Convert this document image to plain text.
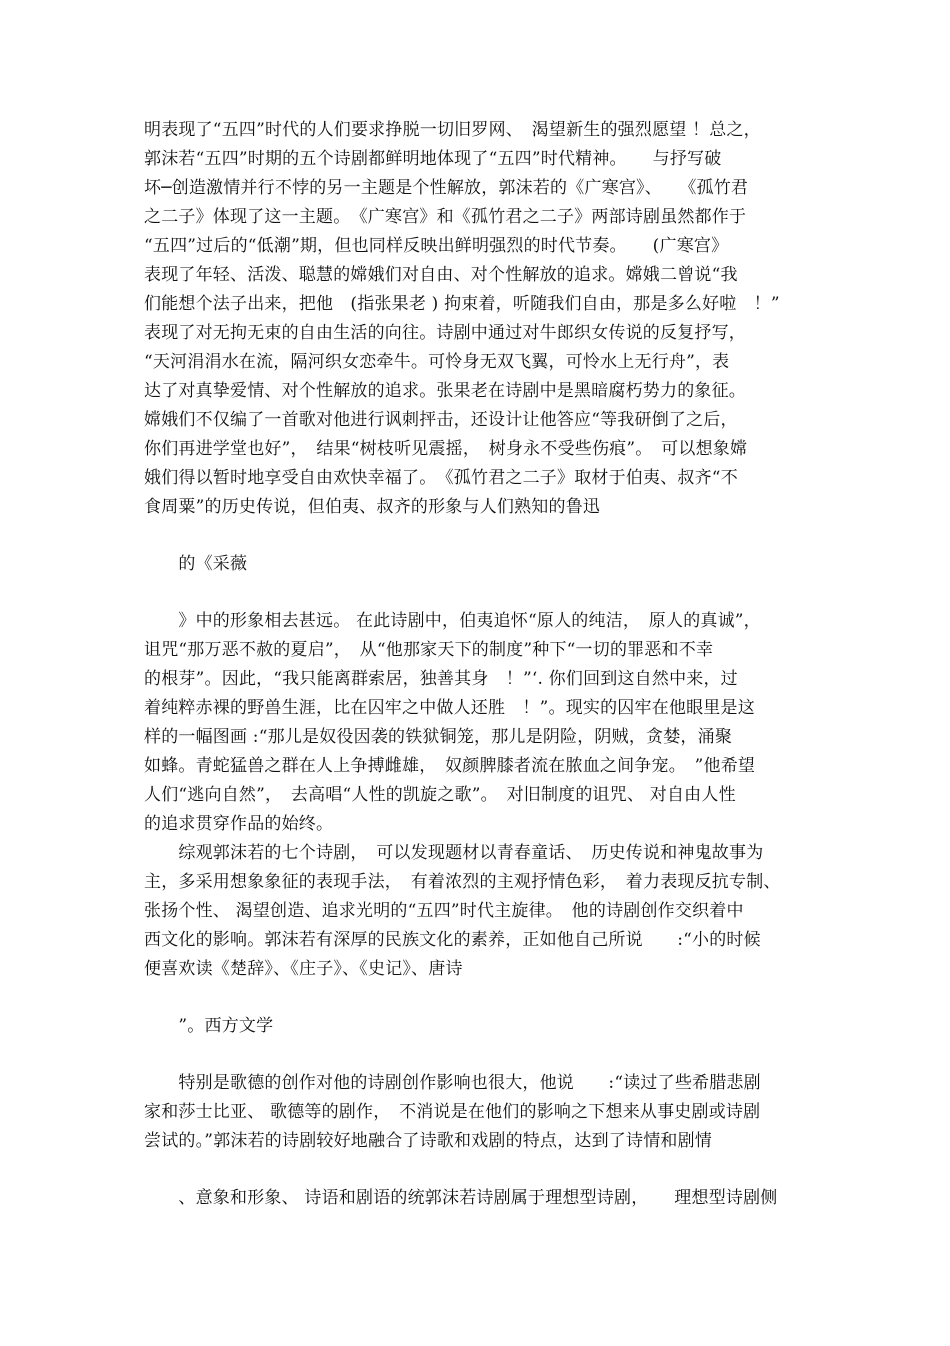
明表现了“五四”时代的人们要求挣脱一切旧罗网、　渴望新生的强烈愿望 ！总之，
郭沫若“五四”时期的五个诗剧都鲜明地体现了“五四”时代精神。　　与抒写破
坏─创造激情并行不悖的另一主题是个性解放，郭沫若的《广寒宫》、　　《孤竹君
之二子》体现了这一主题。　《广寒宫》和《孤竹君之二子》两部诗剧虽然都作于
“五四”过后的“低潮”期，但也同样反映出鲜明强烈的时代节奏。　　(广寒宫》
表现了年轻、活泼、聪慧的嫦娥们对自由、对个性解放的追求。嫦娥二曾说“我
们能想个法子出来，把他　(指张果老 ) 拘束着，听随我们自由，那是多么好啦　！”
表现了对无拘无束的自由生活的向往。诗剧中通过对牛郎织女传说的反复抒写，
“天河涓涓水在流，隔河织女恋牵牛。可怜身无双飞翼，可怜水上无行舟”，表
达了对真挚爱情、对个性解放的追求。张果老在诗剧中是黑暗腐朽势力的象征。
嫦娥们不仅编了一首歌对他进行讽刺抨击，还设计让他答应“等我研倒了之后，
你们再进学堂也好”，　结果“树枝听见震摇，　树身永不受些伤痕”。　可以想象嫦
娥们得以暂时地享受自由欢快幸福了。　《孤竹君之二子》取材于伯夷、叔齐“不
食周粟”的历史传说，但伯夷、叔齐的形象与人们熟知的鲁迅
　　的《采薇
　　》中的形象相去甚远。 在此诗剧中，伯夷追怀“原人的纯洁，　原人的真诚”，
诅咒“那万恶不赦的夏启”，　从“他那家天下的制度”种下“一切的罪恶和不幸
的根芽”。因此，“我只能离群索居，独善其身　！”‘. 你们回到这自然中来，过
着纯粹赤裸的野兽生涯，比在囚牢之中做人还胜　！”。现实的囚牢在他眼里是这
样的一幅图画 :“那儿是奴役因袭的铁狱铜笼，那儿是阴险，阴贼，贪婪，涌聚
如蜂。青蛇猛兽之群在人上争搏雌雄，　奴颜脾膝者流在脓血之间争宠。　”他希望
人们“逃向自然”，　去高唱“人性的凯旋之歌”。　对旧制度的诅咒、 对自由人性
的追求贯穿作品的始终。
　　综观郭沫若的七个诗剧，　可以发现题材以青春童话、　历史传说和神鬼故事为
主，多采用想象象征的表现手法，　有着浓烈的主观抒情色彩，　着力表现反抗专制、
张扬个性、 渴望创造、追求光明的“五四”时代主旋律。　他的诗剧创作交织着中
西文化的影响。郭沫若有深厚的民族文化的素养，正如他自己所说　　:“小的时候
便喜欢读《楚辞》、《庄子》、《史记》、唐诗
　　”。西方文学
　　特别是歌德的创作对他的诗剧创作影响也很大，他说　　:“读过了些希腊悲剧
家和莎士比亚、 歌德等的剧作，　不消说是在他们的影响之下想来从事史剧或诗剧
尝试的。”郭沫若的诗剧较好地融合了诗歌和戏剧的特点，达到了诗情和剧情
　　、意象和形象、 诗语和剧语的统郭沫若诗剧属于理想型诗剧，　　理想型诗剧侧
